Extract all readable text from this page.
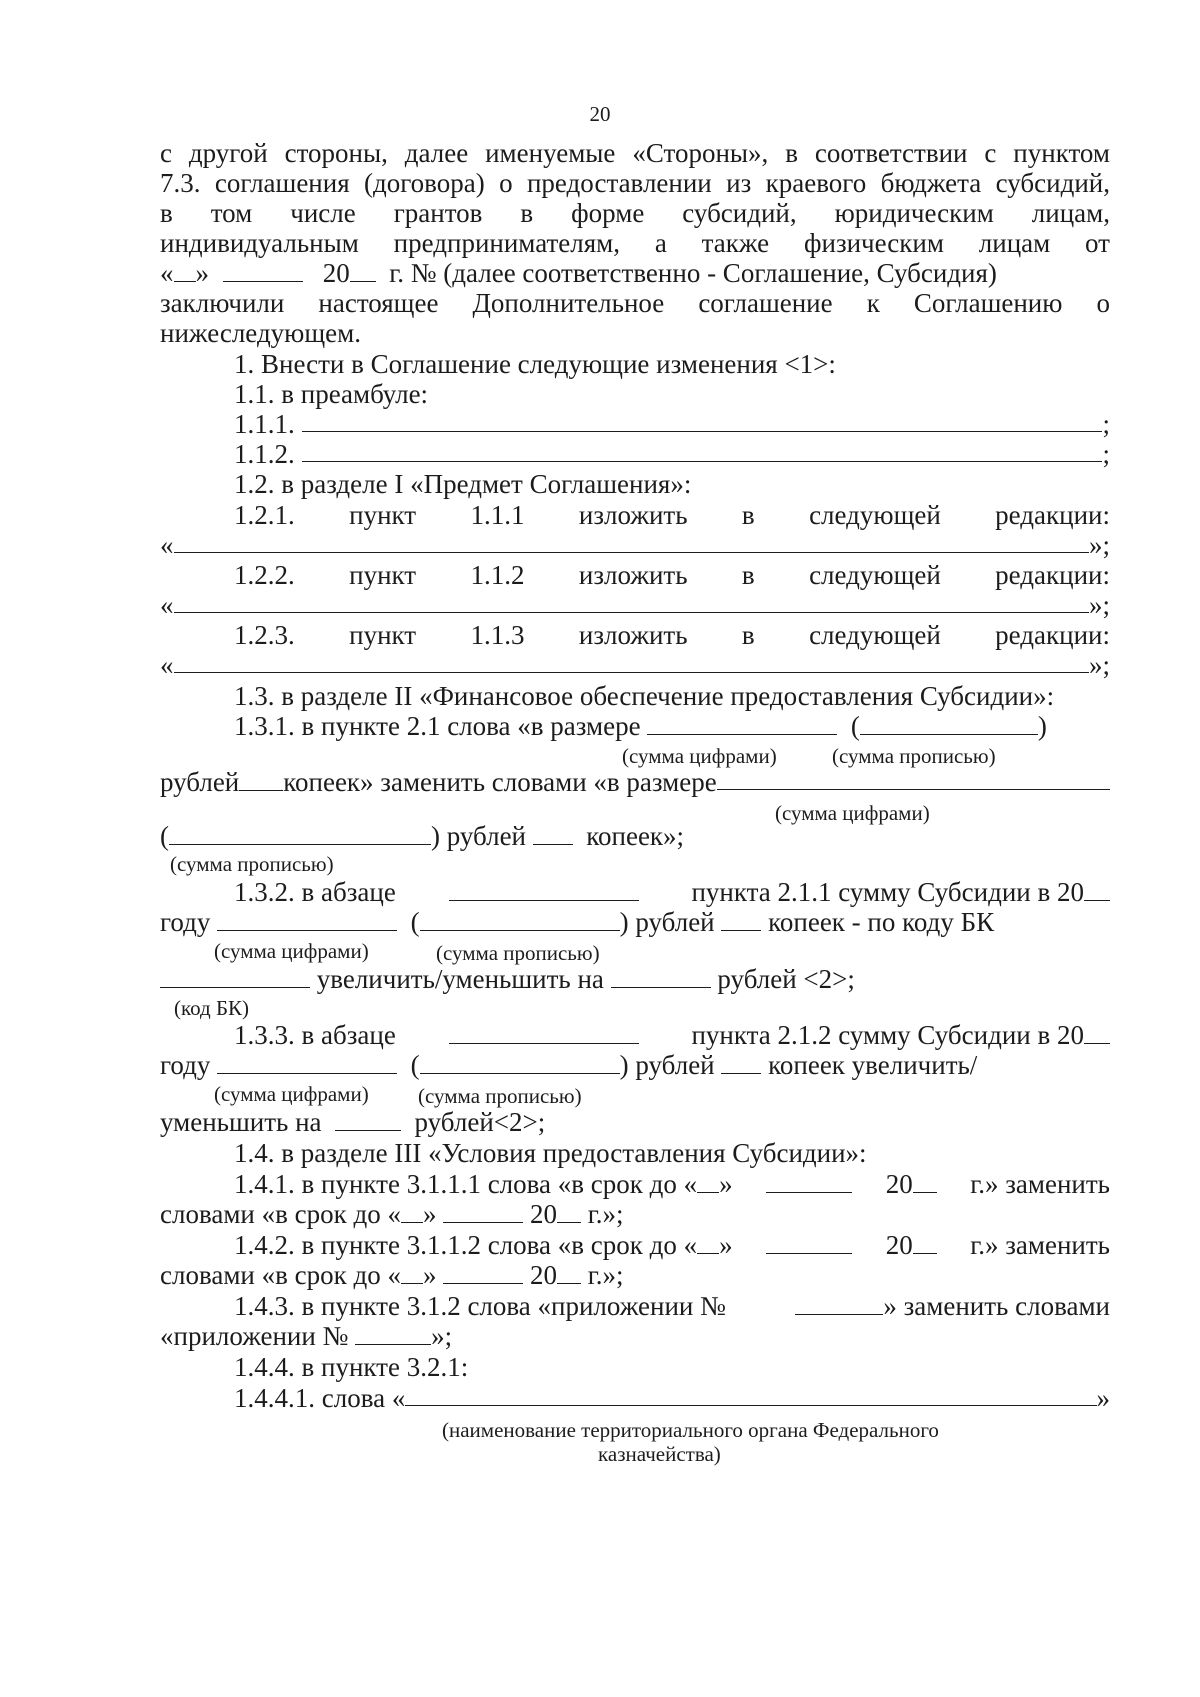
20
с другой стороны, далее именуемые «Стороны», в соответствии с пунктом
7.3. соглашения (договора) о предоставлении из краевого бюджета субсидий,
в том числе грантов в форме субсидий, юридическим лицам,
индивидуальным предпринимателям, а также физическим лицам от
« »	20 г. № (далее соответственно - Соглашение, Субсидия)
заключили настоящее Дополнительное соглашение к Соглашению о
нижеследующем.
1. Внести в Соглашение следующие изменения <1>:
1.1. в преамбуле:
1.1.1.
	;
1.1.2.
	;
1.2. в разделе I «Предмет Соглашения»:
1.2.1. пункт 1.1.1 изложить в следующей редакции:
«	»;
1.2.2. пункт 1.1.2 изложить в следующей редакции:
«	»;
1.2.3. пункт 1.1.3 изложить в следующей редакции:
«	»;
1.3. в разделе II «Финансовое обеспечение предоставления Субсидии»:
1.3.1. в пункте 2.1 слова «в размере	(	)
(сумма цифрами)	(сумма прописью)
рублей копеек» заменить словами «в размере
(сумма цифрами)
(	) рублей копеек»;
(сумма прописью)
1.3.2. в абзаце	пункта 2.1.1 сумму Субсидии в 20
году	(	) рублей копеек - по коду БК
(сумма цифрами)	(сумма прописью)
увеличить/уменьшить на	рублей <2>;
(код БК)
1.3.3. в абзаце	пункта 2.1.2 сумму Субсидии в 20
году	(	) рублей копеек увеличить/
(сумма цифрами) (сумма прописью)
уменьшить на	рублей<2>;
1.4. в разделе III «Условия предоставления Субсидии»:
1.4.1. в пункте 3.1.1.1 слова «в срок до « »	20	г.» заменить
словами «в срок до « »	20 г.»;
1.4.2. в пункте 3.1.1.2 слова «в срок до « »	20	г.» заменить
словами «в срок до « »	20 г.»;
1.4.3. в пункте 3.1.2 слова «приложении №	» заменить словами
«приложении №	»;
1.4.4. в пункте 3.2.1:
1.4.4.1. слова «	»
(наименование территориального органа Федерального
казначейства)
